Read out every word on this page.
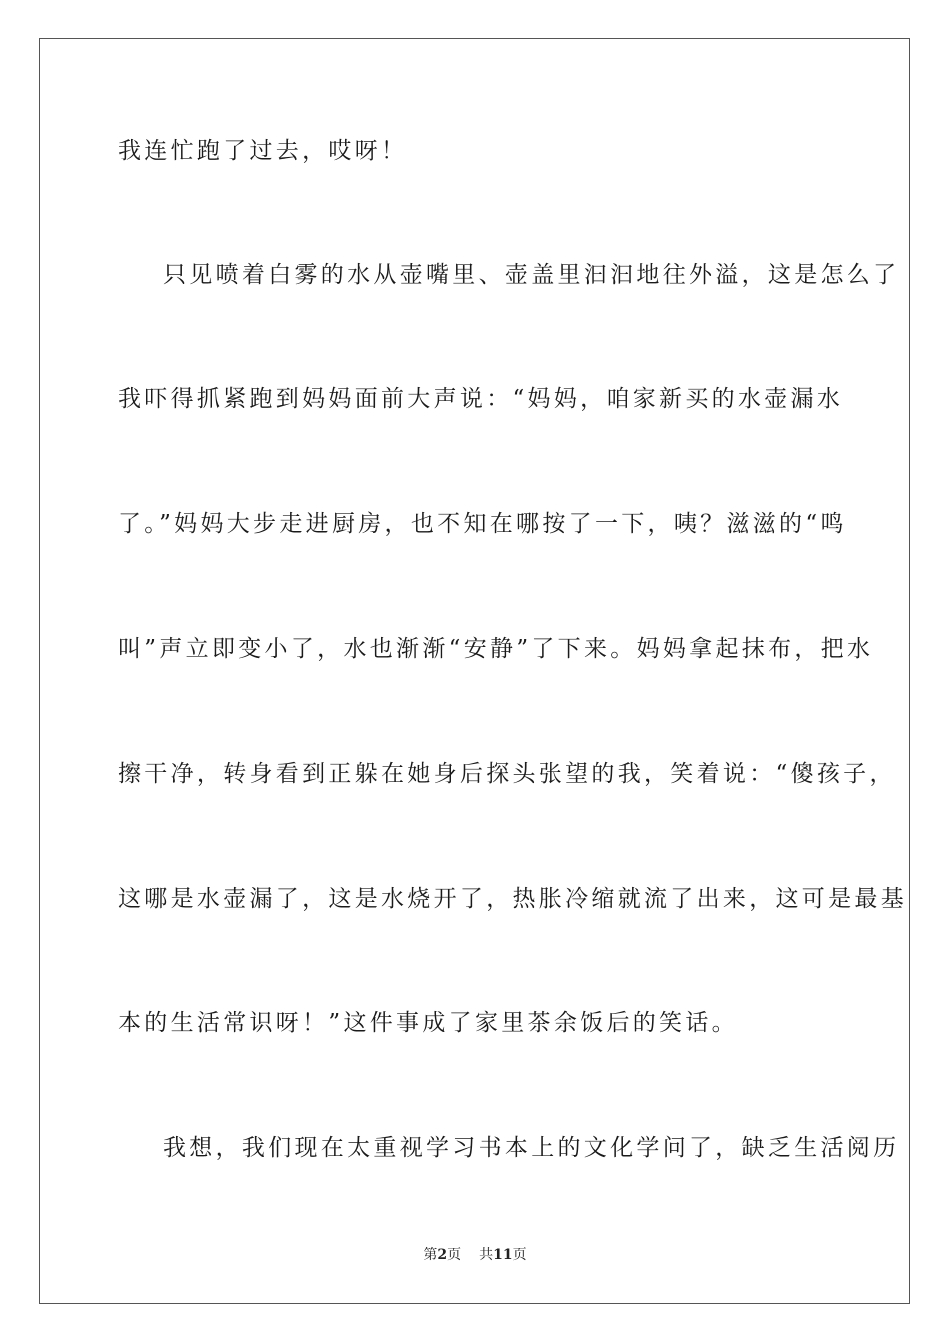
我连忙跑了过去，哎呀！
只见喷着白雾的水从壶嘴里、壶盖里汩汩地往外溢，这是怎么了
我吓得抓紧跑到妈妈面前大声说：“妈妈，咱家新买的水壶漏水
了。”妈妈大步走进厨房，也不知在哪按了一下，咦？滋滋的“鸣
叫”声立即变小了，水也渐渐“安静”了下来。妈妈拿起抹布，把水
擦干净，转身看到正躲在她身后探头张望的我，笑着说：“傻孩子，
这哪是水壶漏了，这是水烧开了，热胀冷缩就流了出来，这可是最基
本的生活常识呀！”这件事成了家里茶余饭后的笑话。
我想，我们现在太重视学习书本上的文化学问了，缺乏生活阅历
第2页 共11页
